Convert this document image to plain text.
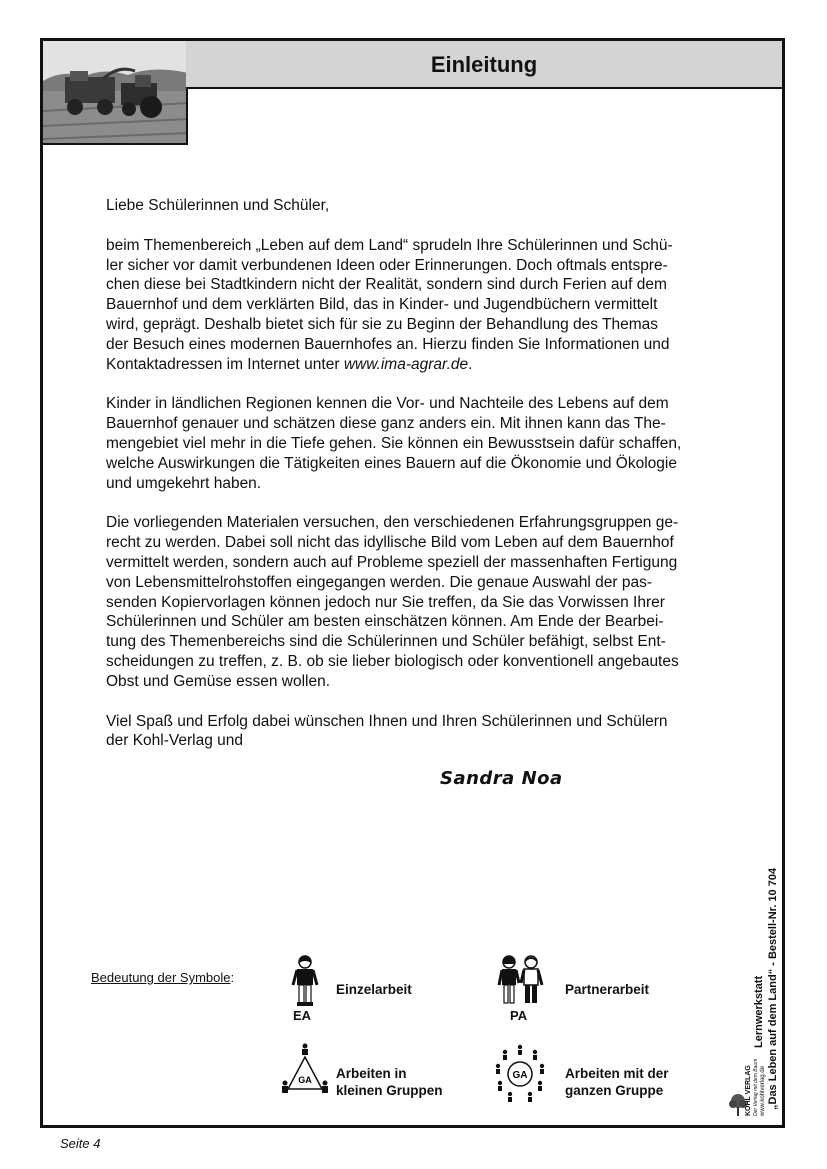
Einleitung

Liebe Schülerinnen und Schüler,

beim Themenbereich „Leben auf dem Land“ sprudeln Ihre Schülerinnen und Schü-
ler sicher vor damit verbundenen Ideen oder Erinnerungen. Doch oftmals entspre-
chen diese bei Stadtkindern nicht der Realität, sondern sind durch Ferien auf dem
Bauernhof und dem verklärten Bild, das in Kinder- und Jugendbüchern vermittelt
wird, geprägt. Deshalb bietet sich für sie zu Beginn der Behandlung des Themas
der Besuch eines modernen Bauernhofes an. Hierzu finden Sie Informationen und
Kontaktadressen im Internet unter www.ima-agrar.de.

Kinder in ländlichen Regionen kennen die Vor- und Nachteile des Lebens auf dem
Bauernhof genauer und schätzen diese ganz anders ein. Mit ihnen kann das The-
mengebiet viel mehr in die Tiefe gehen. Sie können ein Bewusstsein dafür schaffen,
welche Auswirkungen die Tätigkeiten eines Bauern auf die Ökonomie und Ökologie
und umgekehrt haben.

Die vorliegenden Materialen versuchen, den verschiedenen Erfahrungsgruppen ge-
recht zu werden. Dabei soll nicht das idyllische Bild vom Leben auf dem Bauernhof
vermittelt werden, sondern auch auf Probleme speziell der massenhaften Fertigung
von Lebensmittelrohstoffen eingegangen werden. Die genaue Auswahl der pas-
senden Kopiervorlagen können jedoch nur Sie treffen, da Sie das Vorwissen Ihrer
Schülerinnen und Schüler am besten einschätzen können. Am Ende der Bearbei-
tung des Themenbereichs sind die Schülerinnen und Schüler befähigt, selbst Ent-
scheidungen zu treffen, z. B. ob sie lieber biologisch oder konventionell angebautes
Obst und Gemüse essen wollen.

Viel Spaß und Erfolg dabei wünschen Ihnen und Ihren Schülerinnen und Schülern
der Kohl-Verlag und

Sandra Noa
Bedeutung der Symbole:
EA
Einzelarbeit
PA
Partnerarbeit
GA Arbeiten in
kleinen Gruppen
GA	Arbeiten mit der
ganzen Gruppe
Lernwerkstatt „Das Leben auf dem Land“ - Bestell-Nr. 10 704
KOHL VERLAG Der Verlag mit dem Baum www.kohlverlag.de
Seite 4
